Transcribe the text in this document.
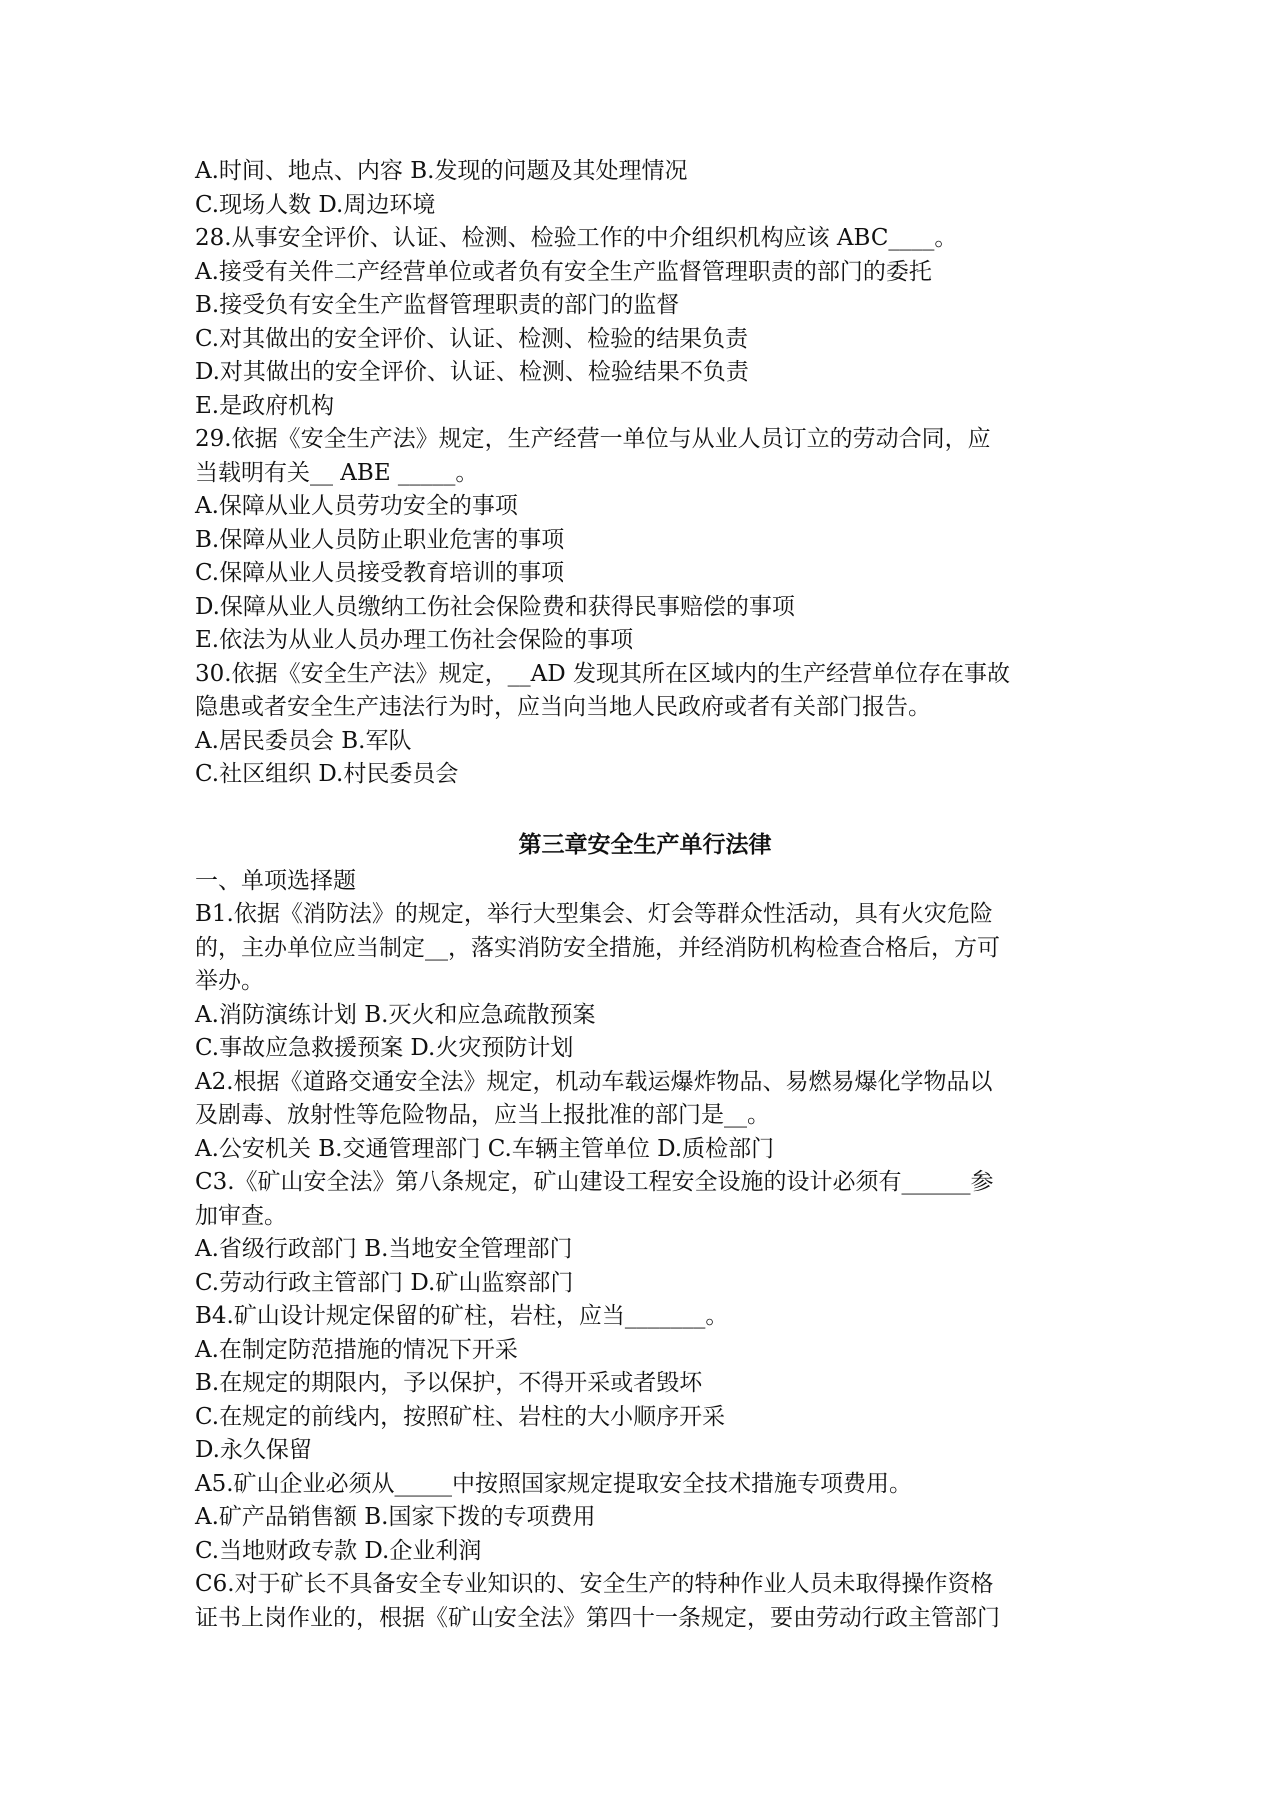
A.时间、地点、内容 B.发现的问题及其处理情况
C.现场人数 D.周边环境
28.从事安全评价、认证、检测、检验工作的中介组织机构应该 ABC____。
A.接受有关件二产经营单位或者负有安全生产监督管理职责的部门的委托
B.接受负有安全生产监督管理职责的部门的监督
C.对其做出的安全评价、认证、检测、检验的结果负责
D.对其做出的安全评价、认证、检测、检验结果不负责
E.是政府机构
29.依据《安全生产法》规定，生产经营一单位与从业人员订立的劳动合同，应
当载明有关__ ABE _____。
A.保障从业人员劳功安全的事项
B.保障从业人员防止职业危害的事项
C.保障从业人员接受教育培训的事项
D.保障从业人员缴纳工伤社会保险费和获得民事赔偿的事项
E.依法为从业人员办理工伤社会保险的事项
30.依据《安全生产法》规定，__AD 发现其所在区域内的生产经营单位存在事故
隐患或者安全生产违法行为时，应当向当地人民政府或者有关部门报告。
A.居民委员会 B.军队
C.社区组织 D.村民委员会
第三章安全生产单行法律
一、单项选择题
B1.依据《消防法》的规定，举行大型集会、灯会等群众性活动，具有火灾危险
的，主办单位应当制定__，落实消防安全措施，并经消防机构检查合格后，方可
举办。
A.消防演练计划 B.灭火和应急疏散预案
C.事故应急救援预案 D.火灾预防计划
A2.根据《道路交通安全法》规定，机动车载运爆炸物品、易燃易爆化学物品以
及剧毒、放射性等危险物品，应当上报批准的部门是__。
A.公安机关 B.交通管理部门 C.车辆主管单位 D.质检部门
C3.《矿山安全法》第八条规定，矿山建设工程安全设施的设计必须有______参
加审查。
A.省级行政部门 B.当地安全管理部门
C.劳动行政主管部门 D.矿山监察部门
B4.矿山设计规定保留的矿柱，岩柱，应当_______。
A.在制定防范措施的情况下开采
B.在规定的期限内，予以保护，不得开采或者毁坏
C.在规定的前线内，按照矿柱、岩柱的大小顺序开采
D.永久保留
A5.矿山企业必须从_____中按照国家规定提取安全技术措施专项费用。
A.矿产品销售额 B.国家下拨的专项费用
C.当地财政专款 D.企业利润
C6.对于矿长不具备安全专业知识的、安全生产的特种作业人员未取得操作资格
证书上岗作业的，根据《矿山安全法》第四十一条规定，要由劳动行政主管部门
